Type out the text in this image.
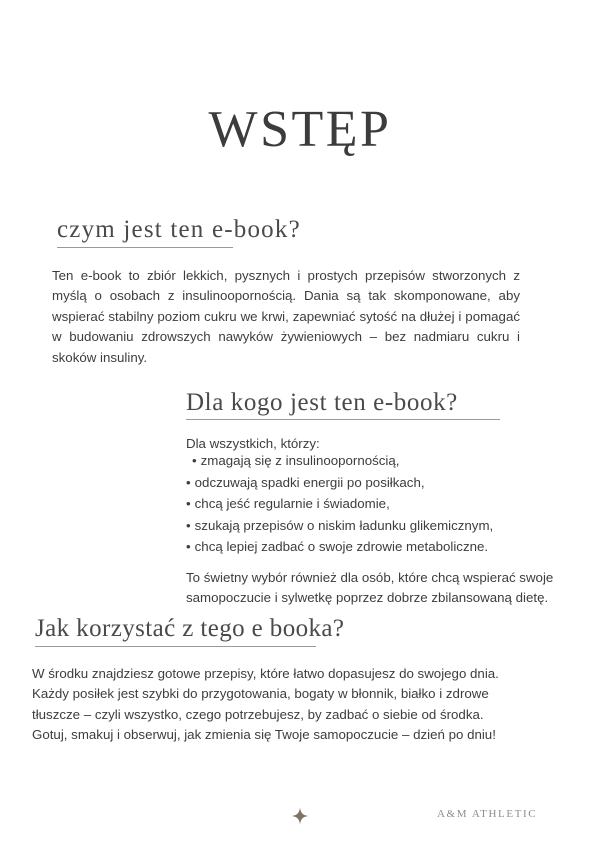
WSTĘP
czym jest ten e-book?

Ten e-book to zbiór lekkich, pysznych i prostych przepisów stworzonych z myślą o osobach z insulinoopornością. Dania są tak skomponowane, aby wspierać stabilny poziom cukru we krwi, zapewniać sytość na dłużej i pomagać w budowaniu zdrowszych nawyków żywieniowych – bez nadmiaru cukru i skoków insuliny.

Dla kogo jest ten e-book?

Dla wszystkich, którzy:

• zmagają się z insulinoopornością,
• odczuwają spadki energii po posiłkach,
• chcą jeść regularnie i świadomie,
• szukają przepisów o niskim ładunku glikemicznym,
• chcą lepiej zadbać o swoje zdrowie metaboliczne.

To świetny wybór również dla osób, które chcą wspierać swoje samopoczucie i sylwetkę poprzez dobrze zbilansowaną dietę.

Jak korzystać z tego e booka?

W środku znajdziesz gotowe przepisy, które łatwo dopasujesz do swojego dnia. Każdy posiłek jest szybki do przygotowania, bogaty w błonnik, białko i zdrowe tłuszcze – czyli wszystko, czego potrzebujesz, by zadbać o siebie od środka. Gotuj, smakuj i obserwuj, jak zmienia się Twoje samopoczucie – dzień po dniu!

A&M ATHLETIC
